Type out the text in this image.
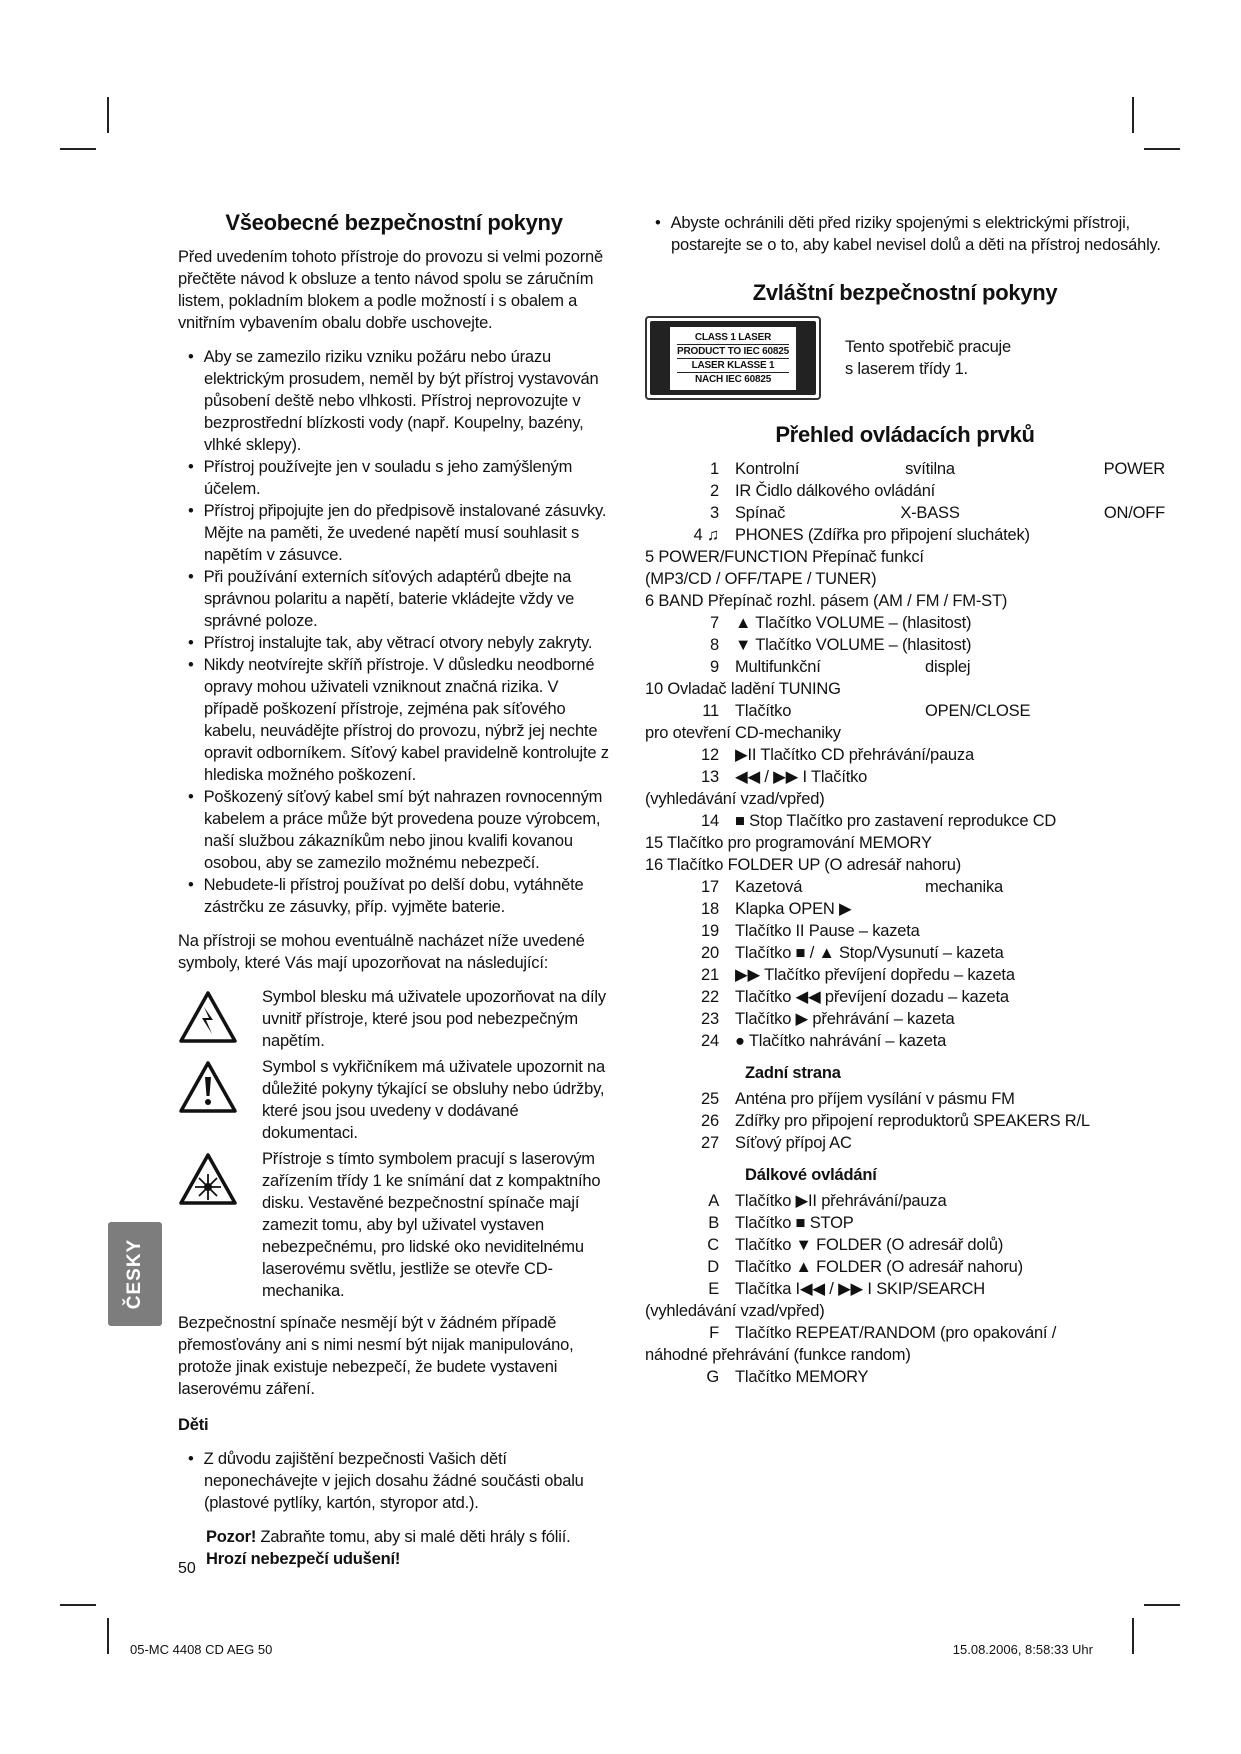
Všeobecné bezpečnostní pokyny

Před uvedením tohoto přístroje do provozu si velmi pozorně přečtěte návod k obsluze a tento návod spolu se záručním listem, pokladním blokem a podle možností i s obalem a vnitřním vybavením obalu dobře uschovejte.

• Aby se zamezilo riziku vzniku požáru nebo úrazu elektrickým prosudem, neměl by být přístroj vystavován působení deště nebo vlhkosti. Přístroj neprovozujte v bezprostřední blízkosti vody (např. Koupelny, bazény, vlhké sklepy).
• Přístroj používejte jen v souladu s jeho zamýšleným účelem.
• Přístroj připojujte jen do předpisově instalované zásuvky. Mějte na paměti, že uvedené napětí musí souhlasit s napětím v zásuvce.
• Při používání externích síťových adaptérů dbejte na správnou polaritu a napětí, baterie vkládejte vždy ve správné poloze.
• Přístroj instalujte tak, aby větrací otvory nebyly zakryty.
• Nikdy neotvírejte skříň přístroje. V důsledku neodborné opravy mohou uživateli vzniknout značná rizika. V případě poškození přístroje, zejména pak síťového kabelu, neuvádějte přístroj do provozu, nýbrž jej nechte opravit odborníkem. Síťový kabel pravidelně kontrolujte z hlediska možného poškození.
• Poškozený síťový kabel smí být nahrazen rovnocenným kabelem a práce může být provedena pouze výrobcem, naší službou zákazníkům nebo jinou kvalifi kovanou osobou, aby se zamezilo možnému nebezpečí.
• Nebudete-li přístroj používat po delší dobu, vytáhněte zástrčku ze zásuvky, příp. vyjměte baterie.

Na přístroji se mohou eventuálně nacházet níže uvedené symboly, které Vás mají upozorňovat na následující:

Symbol blesku má uživatele upozorňovat na díly uvnitř přístroje, které jsou pod nebezpečným napětím.
Symbol s vykřičníkem má uživatele upozornit na důležité pokyny týkající se obsluhy nebo údržby, které jsou jsou uvedeny v dodávané dokumentaci.
Přístroje s tímto symbolem pracují s laserovým zařízením třídy 1 ke snímání dat z kompaktního disku. Vestavěné bezpečnostní spínače mají zamezit tomu, aby byl uživatel vystaven nebezpečnému, pro lidské oko neviditelnému laserovému světlu, jestliže se otevře CD-mechanika.

Bezpečnostní spínače nesmějí být v žádném případě přemosťovány ani s nimi nesmí být nijak manipulováno, protože jinak existuje nebezpečí, že budete vystaveni laserovému záření.

Děti
• Z důvodu zajištění bezpečnosti Vašich dětí neponechávejte v jejich dosahu žádné součásti obalu (plastové pytlíky, kartón, styropor atd.).
Pozor! Zabraňte tomu, aby si malé děti hrály s fólií. Hrozí nebezpečí udušení!
ČESKY
• Abyste ochránili děti před riziky spojenými s elektrickými přístroji, postarejte se o to, aby kabel nevisel dolů a děti na přístroj nedosáhly.
Zvláštní bezpečnostní pokyny
CLASS 1 LASER
PRODUCT TO IEC 60825
LASER KLASSE 1
NACH IEC 60825
Tento spotřebič pracuje s laserem třídy 1.
Přehled ovládacích prvků
1 Kontrolní	svítilna	POWER
2 IR Čidlo dálkového ovládání
3 Spínač	X-BASS	ON/OFF
4 ♫ PHONES (Zdířka pro připojení sluchátek)
5 POWER/FUNCTION Přepínač funkcí
(MP3/CD / OFF/TAPE / TUNER)
6 BAND Přepínač rozhl. pásem (AM / FM / FM-ST)
7 ▲ Tlačítko VOLUME – (hlasitost)
8 ▼ Tlačítko VOLUME – (hlasitost)
9 Multifunkční	displej
10 Ovladač ladění TUNING
11 Tlačítko	OPEN/CLOSE
pro otevření CD-mechaniky
12 ▶II Tlačítko CD přehrávání/pauza
13 ◀◀ / ▶▶ I Tlačítko
(vyhledávání vzad/vpřed)
14 ■ Stop Tlačítko pro zastavení reprodukce CD
15 Tlačítko pro programování MEMORY
16 Tlačítko FOLDER UP (O adresář nahoru)
17 Kazetová	mechanika
18 Klapka OPEN ▶
19 Tlačítko II Pause – kazeta
20 Tlačítko ■ / ▲ Stop/Vysunutí – kazeta
21 ▶▶ Tlačítko převíjení dopředu – kazeta
22 Tlačítko ◀◀ převíjení dozadu – kazeta
23 Tlačítko ▶ přehrávání – kazeta
24 ● Tlačítko nahrávání – kazeta
Zadní strana
25 Anténa pro příjem vysílání v pásmu FM
26 Zdířky pro připojení reproduktorů SPEAKERS R/L
27 Síťový přípoj AC
Dálkové ovládání
A Tlačítko ▶II přehrávání/pauza
B Tlačítko ■ STOP
C Tlačítko ▼ FOLDER (O adresář dolů)
D Tlačítko ▲ FOLDER (O adresář nahoru)
E Tlačítka I◀◀ / ▶▶ I SKIP/SEARCH
(vyhledávání vzad/vpřed)
F Tlačítko REPEAT/RANDOM (pro opakování /
náhodné přehrávání (funkce random)
G Tlačítko MEMORY
50
05-MC 4408 CD AEG 50	15.08.2006, 8:58:33 Uhr
